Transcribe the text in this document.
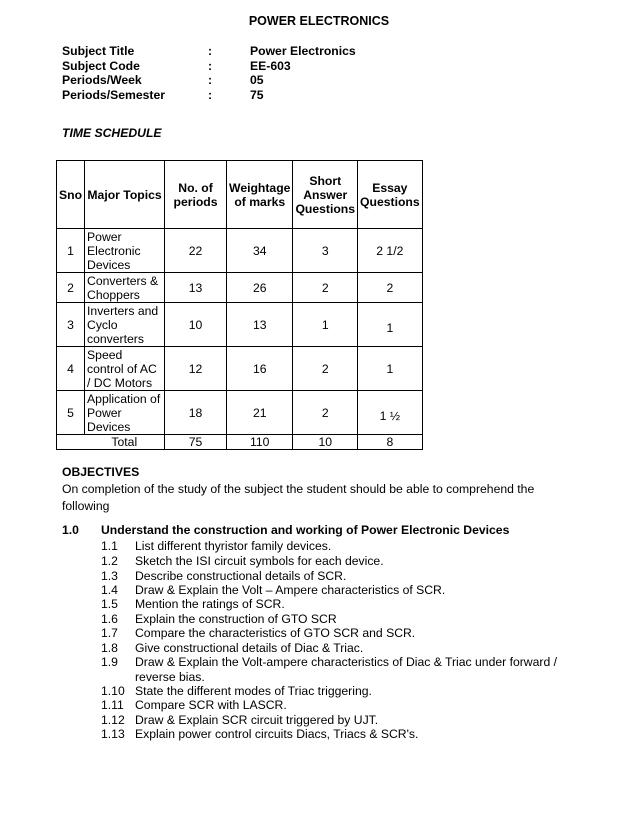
POWER ELECTRONICS
Subject Title	:	Power Electronics
Subject Code	:	EE-603
Periods/Week	:	05
Periods/Semester	:	75
TIME SCHEDULE
Sno	Major Topics	No. of periods	Weightage of marks	Short Answer Questions	Essay Questions
1	Power Electronic Devices	22	34	3	2 1/2
2	Converters & Choppers	13	26	2	2
3	Inverters and Cyclo converters	10	13	1	1
4	Speed control of AC / DC Motors	12	16	2	1
5	Application of Power Devices	18	21	2	1 ½
	Total	75	110	10	8
OBJECTIVES
On completion of the study of the subject the student should be able to comprehend the following
1.0 Understand the construction and working of Power Electronic Devices
1.1 List different thyristor family devices.
1.2 Sketch the ISI circuit symbols for each device.
1.3 Describe constructional details of SCR.
1.4 Draw & Explain the Volt – Ampere characteristics of SCR.
1.5 Mention the ratings of SCR.
1.6 Explain the construction of GTO SCR
1.7 Compare the characteristics of GTO SCR and SCR.
1.8 Give constructional details of Diac & Triac.
1.9 Draw & Explain the Volt-ampere characteristics of Diac & Triac under forward / reverse bias.
1.10 State the different modes of Triac triggering.
1.11 Compare SCR with LASCR.
1.12 Draw & Explain SCR circuit triggered by UJT.
1.13 Explain power control circuits Diacs, Triacs & SCR's.
